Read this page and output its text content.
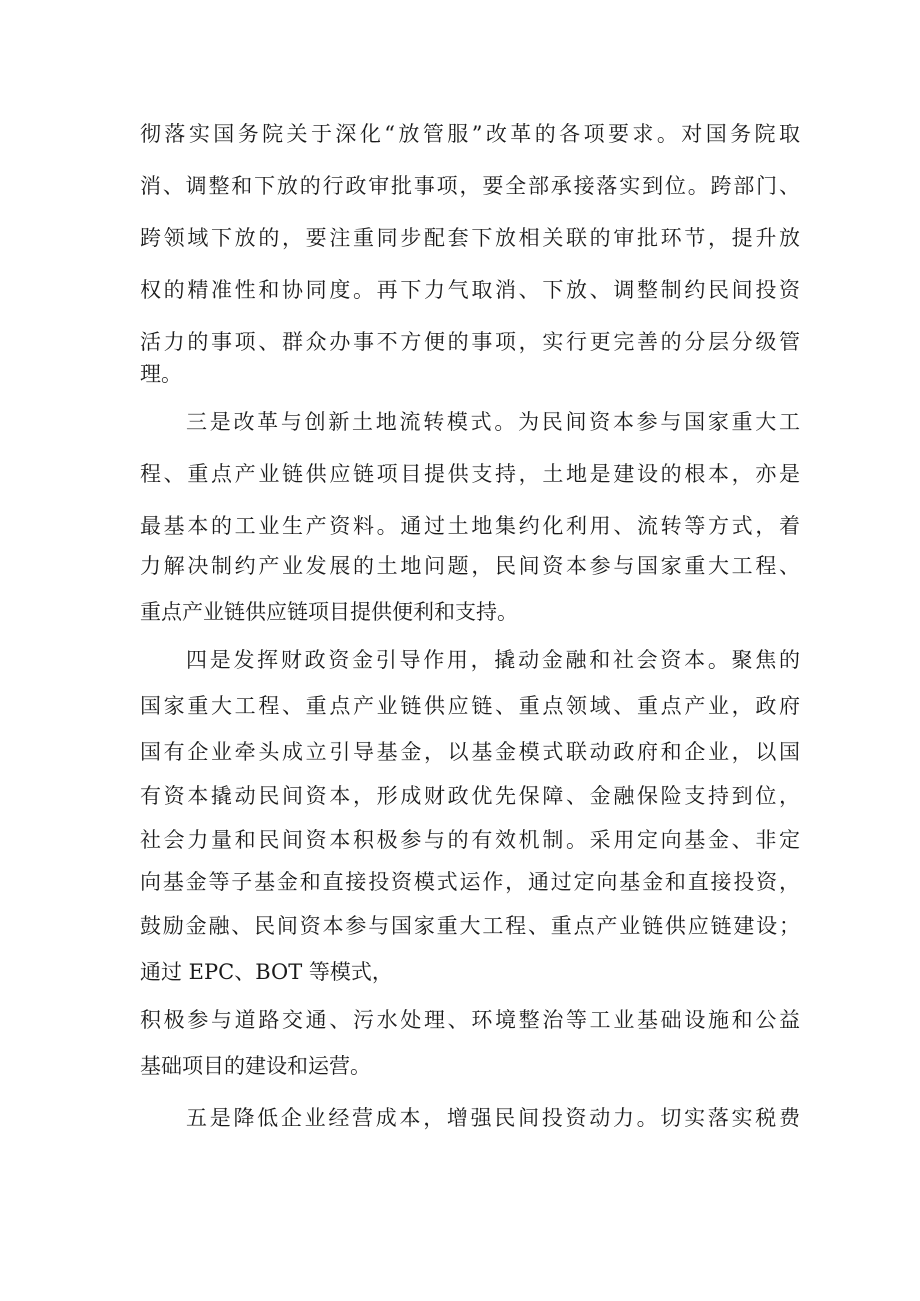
彻落实国务院关于深化“放管服”改革的各项要求。对国务院取
消、调整和下放的行政审批事项，要全部承接落实到位。跨部门、
跨领域下放的，要注重同步配套下放相关联的审批环节，提升放
权的精准性和协同度。再下力气取消、下放、调整制约民间投资
活力的事项、群众办事不方便的事项，实行更完善的分层分级管
理。
三是改革与创新土地流转模式。为民间资本参与国家重大工
程、重点产业链供应链项目提供支持，土地是建设的根本，亦是
最基本的工业生产资料。通过土地集约化利用、流转等方式，着
力解决制约产业发展的土地问题，民间资本参与国家重大工程、
重点产业链供应链项目提供便利和支持。
四是发挥财政资金引导作用，撬动金融和社会资本。聚焦的
国家重大工程、重点产业链供应链、重点领域、重点产业，政府
国有企业牵头成立引导基金，以基金模式联动政府和企业，以国
有资本撬动民间资本，形成财政优先保障、金融保险支持到位，
社会力量和民间资本积极参与的有效机制。采用定向基金、非定
向基金等子基金和直接投资模式运作，通过定向基金和直接投资，
鼓励金融、民间资本参与国家重大工程、重点产业链供应链建设；
通过 EPC、BOT 等模式，
积极参与道路交通、污水处理、环境整治等工业基础设施和公益
基础项目的建设和运营。
五是降低企业经营成本，增强民间投资动力。切实落实税费
